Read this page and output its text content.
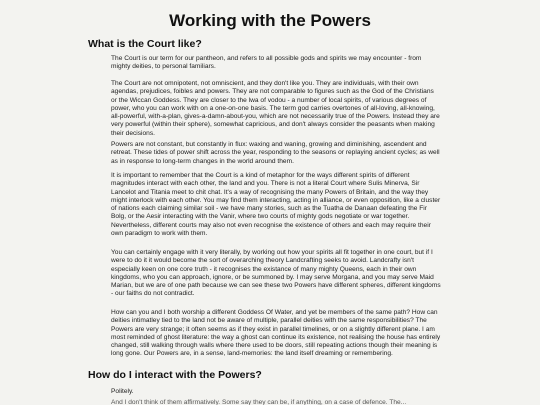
Working with the Powers
What is the Court like?

The Court is our term for our pantheon, and refers to all possible gods and spirits we may encounter - from mighty deities, to personal familiars.

The Court are not omnipotent, not omniscient, and they don't like you. They are individuals, with their own agendas, prejudices, foibles and powers. They are not comparable to figures such as the God of the Christians or the Wiccan Goddess. They are closer to the lwa of vodou - a number of local spirits, of various degrees of power, who you can work with on a one-on-one basis. The term god carries overtones of all-loving, all-knowing, all-powerful, with-a-plan, gives-a-damn-about-you, which are not necessarily true of the Powers. Instead they are very powerful (within their sphere), somewhat capricious, and don't always consider the peasants when making their decisions.

Powers are not constant, but constantly in flux: waxing and waning, growing and diminishing, ascendent and retreat. These tides of power shift across the year, responding to the seasons or replaying ancient cycles; as well as in response to long-term changes in the world around them.

It is important to remember that the Court is a kind of metaphor for the ways different spirits of different magnitudes interact with each other, the land and you. There is not a literal Court where Sulis Minerva, Sir Lancelot and Titania meet to chit chat. It's a way of recognising the many Powers of Britain, and the way they might interlock with each other. You may find them interacting, acting in alliance, or even opposition, like a cluster of nations each claiming similar soil - we have many stories, such as the Tuatha de Danaan defeating the Fir Bolg, or the Aesir interacting with the Vanir, where two courts of mighty gods negotiate or war together. Nevertheless, different courts may also not even recognise the existence of others and each may require their own paradigm to work with them.

You can certainly engage with it very literally, by working out how your spirits all fit together in one court, but if I were to do it it would become the sort of overarching theory Landcrafting seeks to avoid. Landcrafty isn't especially keen on one core truth - it recognises the existance of many mighty Queens, each in their own kingdoms, who you can approach, ignore, or be summoned by. I may serve Morgana, and you may serve Maid Marian, but we are of one path because we can see these two Powers have different spheres, different kingdoms - our faiths do not contradict.

How can you and I both worship a different Goddess Of Water, and yet be members of the same path? How can deities intimatley tied to the land not be aware of multiple, parallel deities with the same responsibilities? The Powers are very strange; it often seems as if they exist in parallel timelines, or on a slightly different plane. I am most reminded of ghost literature: the way a ghost can continue its existence, not realising the house has entirely changed, still walking through walls where there used to be doors, still repeating actions though their meaning is long gone. Our Powers are, in a sense, land-memories: the land itself dreaming or remembering.

How do I interact with the Powers?

Politely.

And I don't think of them affirmatively. Some say they can be, if anything, on a case of defence. The...
